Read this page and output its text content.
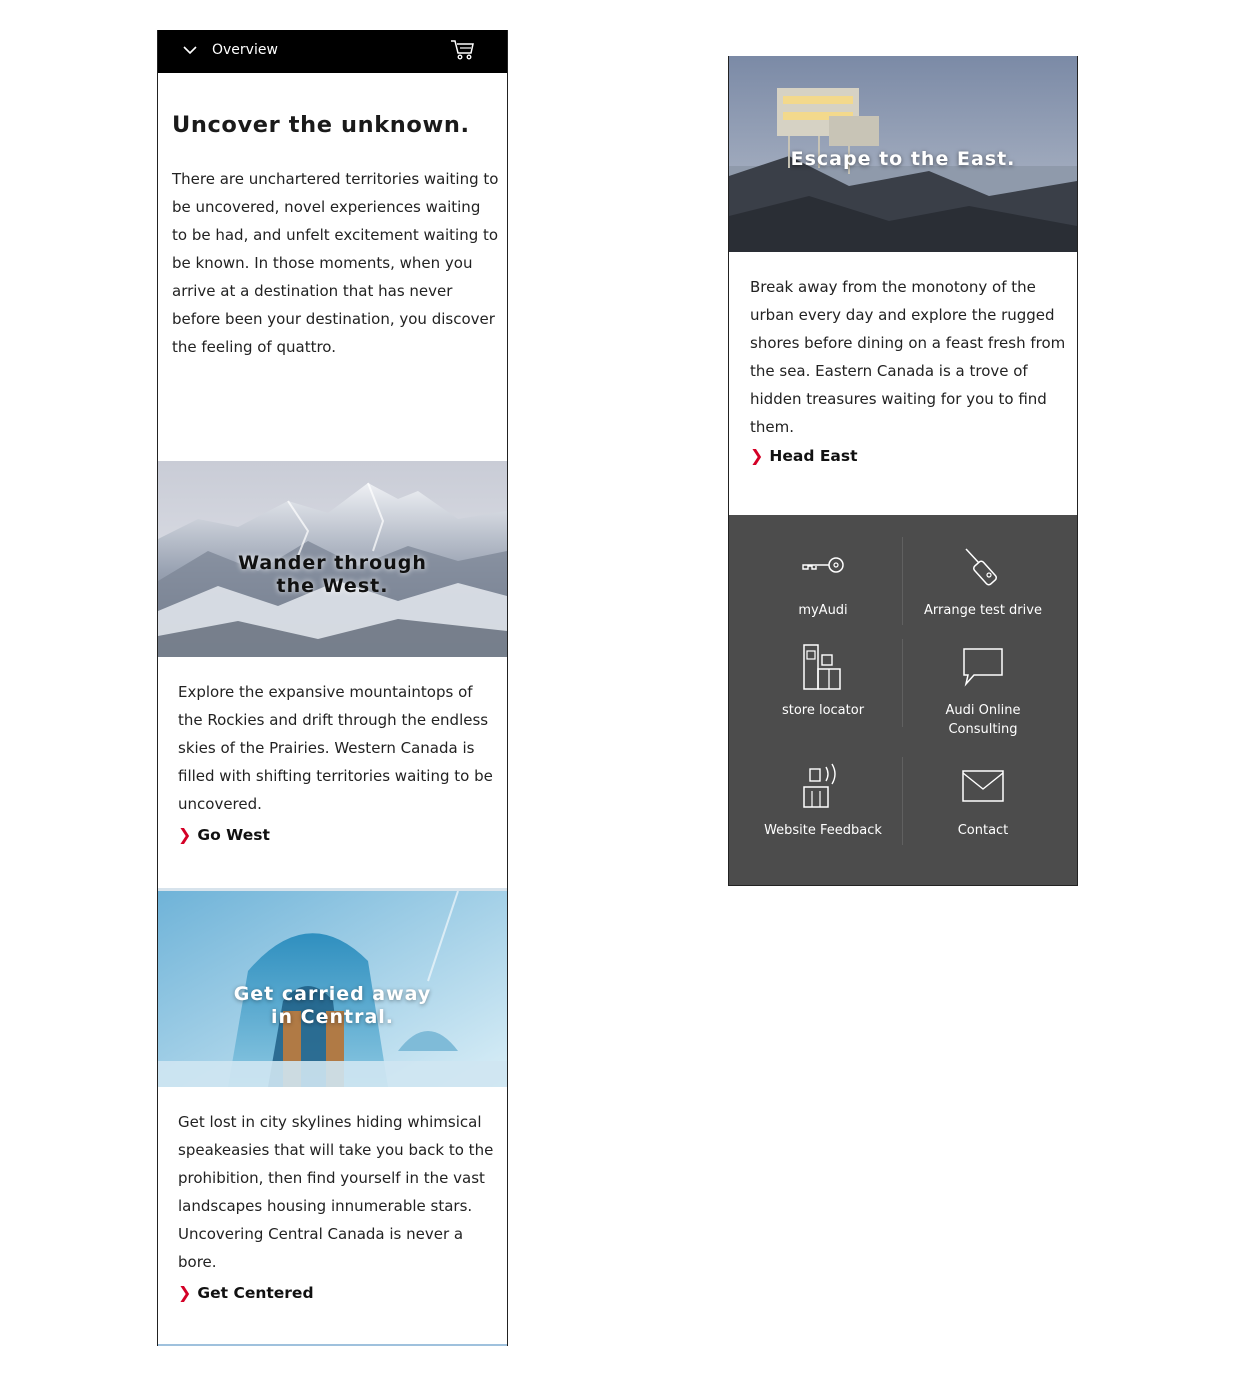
Overview
Uncover the unknown.
There are unchartered territories waiting to be uncovered, novel experiences waiting to be had, and unfelt excitement waiting to be known. In those moments, when you arrive at a destination that has never before been your destination, you discover the feeling of quattro.
Wander through
the West.
Explore the expansive mountaintops of the Rockies and drift through the endless skies of the Prairies. Western Canada is filled with shifting territories waiting to be uncovered.
❯ Go West
Get carried away
in Central.
Get lost in city skylines hiding whimsical speakeasies that will take you back to the prohibition, then find yourself in the vast landscapes housing innumerable stars. Uncovering Central Canada is never a bore.
❯ Get Centered
Escape to the East.
Break away from the monotony of the urban every day and explore the rugged shores before dining on a feast fresh from the sea. Eastern Canada is a trove of hidden treasures waiting for you to find them.
❯ Head East
myAudi	Arrange test drive
store locator	Audi Online
Consulting
Website Feedback	Contact
